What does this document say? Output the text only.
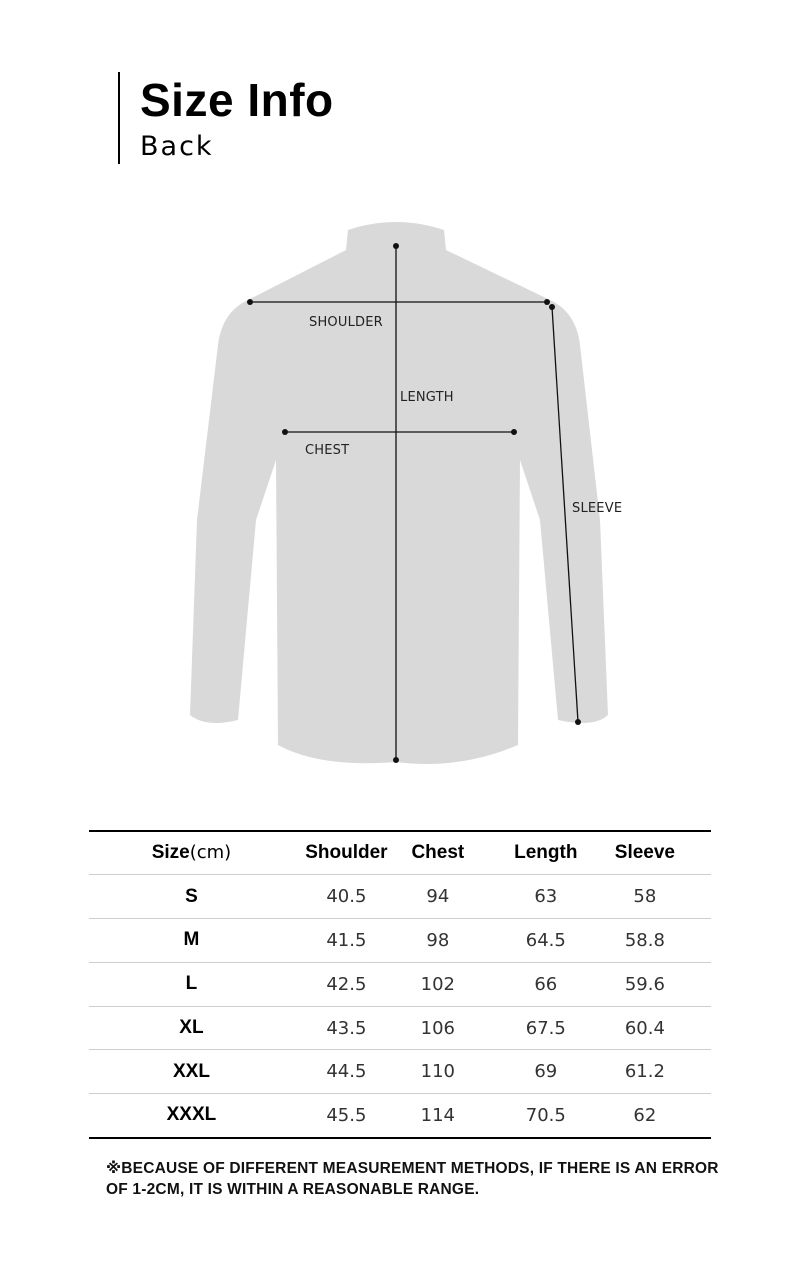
Size Info
Back
SHOULDER
LENGTH
CHEST
SLEEVE
Size(cm)	Shoulder	Chest	Length	Sleeve	
S	40.5	94	63	58	
M	41.5	98	64.5	58.8	
L	42.5	102	66	59.6	
XL	43.5	106	67.5	60.4	
XXL	44.5	110	69	61.2	
XXXL	45.5	114	70.5	62	
※BECAUSE OF DIFFERENT MEASUREMENT METHODS, IF THERE IS AN ERROR OF 1-2CM, IT IS WITHIN A REASONABLE RANGE.
